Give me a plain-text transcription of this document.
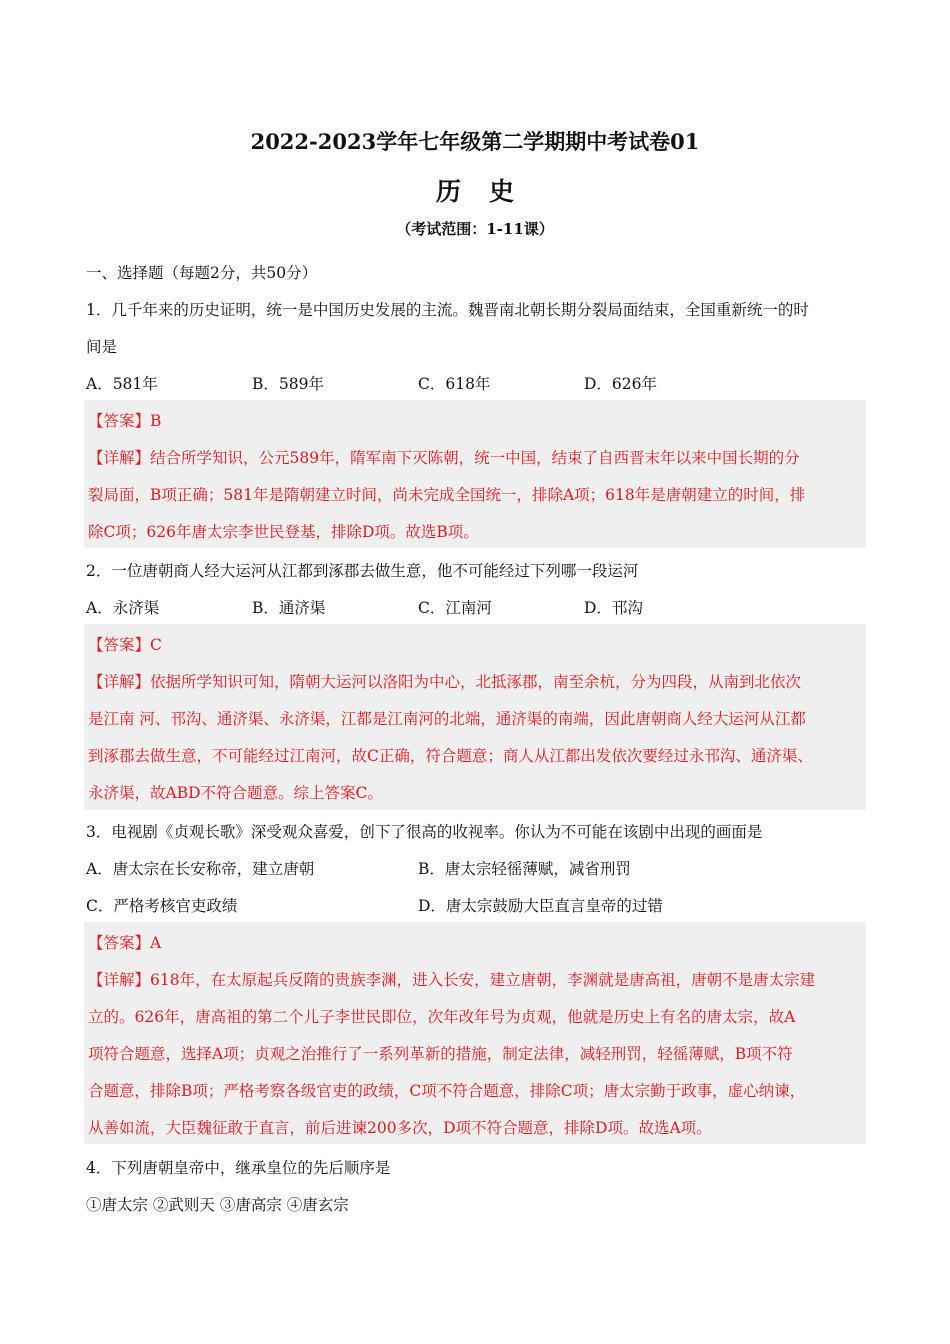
2022-2023学年七年级第二学期期中考试卷01
历史
（考试范围：1-11课）
一、选择题（每题2分，共50分）
1．几千年来的历史证明，统一是中国历史发展的主流。魏晋南北朝长期分裂局面结束，全国重新统一的时
间是
A．581年	B．589年	C．618年	D．626年
【答案】B
【详解】结合所学知识，公元589年，隋军南下灭陈朝，统一中国，结束了自西晋末年以来中国长期的分
裂局面，B项正确；581年是隋朝建立时间，尚未完成全国统一，排除A项；618年是唐朝建立的时间，排
除C项；626年唐太宗李世民登基，排除D项。故选B项。
2．一位唐朝商人经大运河从江都到涿郡去做生意，他不可能经过下列哪一段运河
A．永济渠	B．通济渠	C．江南河	D．邗沟
【答案】C
【详解】依据所学知识可知，隋朝大运河以洛阳为中心，北抵涿郡，南至余杭，分为四段，从南到北依次
是江南 河、邗沟、通济渠、永济渠，江都是江南河的北端，通济渠的南端，因此唐朝商人经大运河从江都
到涿郡去做生意，不可能经过江南河，故C正确，符合题意；商人从江都出发依次要经过永邗沟、通济渠、
永济渠，故ABD不符合题意。综上答案C。
3．电视剧《贞观长歌》深受观众喜爱，创下了很高的收视率。你认为不可能在该剧中出现的画面是
A．唐太宗在长安称帝，建立唐朝	B．唐太宗轻徭薄赋，减省刑罚
C．严格考核官吏政绩	D．唐太宗鼓励大臣直言皇帝的过错
【答案】A
【详解】618年，在太原起兵反隋的贵族李渊，进入长安，建立唐朝，李渊就是唐高祖，唐朝不是唐太宗建
立的。626年，唐高祖的第二个儿子李世民即位，次年改年号为贞观，他就是历史上有名的唐太宗，故A
项符合题意，选择A项；贞观之治推行了一系列革新的措施，制定法律，减轻刑罚，轻徭薄赋，B项不符
合题意，排除B项；严格考察各级官吏的政绩，C项不符合题意，排除C项；唐太宗勤于政事，虚心纳谏，
从善如流，大臣魏征敢于直言，前后进谏200多次，D项不符合题意，排除D项。故选A项。
4．下列唐朝皇帝中，继承皇位的先后顺序是
①唐太宗 ②武则天 ③唐高宗 ④唐玄宗
